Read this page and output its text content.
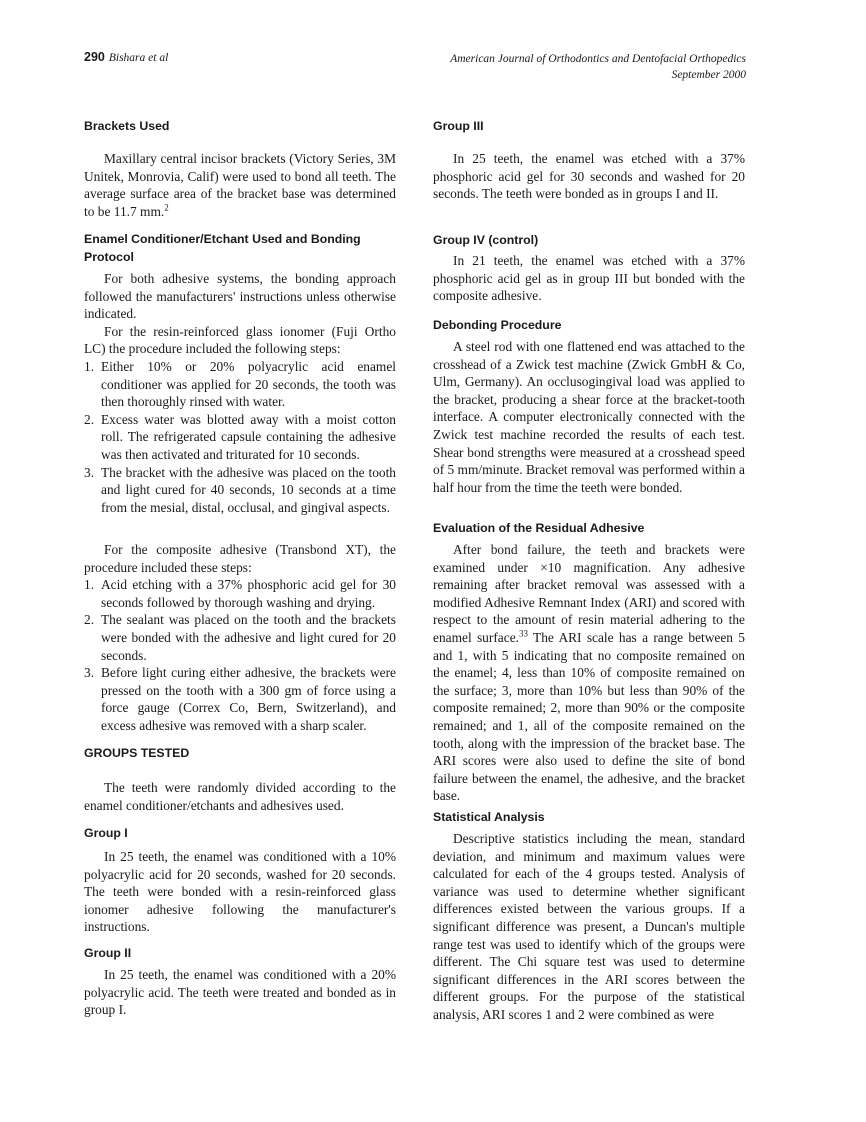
290 Bishara et al	American Journal of Orthodontics and Dentofacial Orthopedics
September 2000
Brackets Used

Maxillary central incisor brackets (Victory Series, 3M Unitek, Monrovia, Calif) were used to bond all teeth. The average surface area of the bracket base was determined to be 11.7 mm.$^2$

Enamel Conditioner/Etchant Used and Bonding Protocol

For both adhesive systems, the bonding approach followed the manufacturers' instructions unless otherwise indicated.

For the resin-reinforced glass ionomer (Fuji Ortho LC) the procedure included the following steps:

1. Either 10% or 20% polyacrylic acid enamel conditioner was applied for 20 seconds, the tooth was then thoroughly rinsed with water.
2. Excess water was blotted away with a moist cotton roll. The refrigerated capsule containing the adhesive was then activated and triturated for 10 seconds.
3. The bracket with the adhesive was placed on the tooth and light cured for 40 seconds, 10 seconds at a time from the mesial, distal, occlusal, and gingival aspects.

For the composite adhesive (Transbond XT), the procedure included these steps:

1. Acid etching with a 37% phosphoric acid gel for 30 seconds followed by thorough washing and drying.
2. The sealant was placed on the tooth and the brackets were bonded with the adhesive and light cured for 20 seconds.
3. Before light curing either adhesive, the brackets were pressed on the tooth with a 300 gm of force using a force gauge (Correx Co, Bern, Switzerland), and excess adhesive was removed with a sharp scaler.
GROUPS TESTED

The teeth were randomly divided according to the enamel conditioner/etchants and adhesives used.

Group I

In 25 teeth, the enamel was conditioned with a 10% polyacrylic acid for 20 seconds, washed for 20 seconds. The teeth were bonded with a resin-reinforced glass ionomer adhesive following the manufacturer's instructions.

Group II

In 25 teeth, the enamel was conditioned with a 20% polyacrylic acid. The teeth were treated and bonded as in group I.

Group III

In 25 teeth, the enamel was etched with a 37% phosphoric acid gel for 30 seconds and washed for 20 seconds. The teeth were bonded as in groups I and II.

Group IV (control)

In 21 teeth, the enamel was etched with a 37% phosphoric acid gel as in group III but bonded with the composite adhesive.

Debonding Procedure

A steel rod with one flattened end was attached to the crosshead of a Zwick test machine (Zwick GmbH & Co, Ulm, Germany). An occlusogingival load was applied to the bracket, producing a shear force at the bracket-tooth interface. A computer electronically connected with the Zwick test machine recorded the results of each test. Shear bond strengths were measured at a crosshead speed of 5 mm/minute. Bracket removal was performed within a half hour from the time the teeth were bonded.

Evaluation of the Residual Adhesive

After bond failure, the teeth and brackets were examined under ×10 magnification. Any adhesive remaining after bracket removal was assessed with a modified Adhesive Remnant Index (ARI) and scored with respect to the amount of resin material adhering to the enamel surface.$^{33}$ The ARI scale has a range between 5 and 1, with 5 indicating that no composite remained on the enamel; 4, less than 10% of composite remained on the surface; 3, more than 10% but less than 90% of the composite remained; 2, more than 90% or the composite remained; and 1, all of the composite remained on the tooth, along with the impression of the bracket base. The ARI scores were also used to define the site of bond failure between the enamel, the adhesive, and the bracket base.

Statistical Analysis

Descriptive statistics including the mean, standard deviation, and minimum and maximum values were calculated for each of the 4 groups tested. Analysis of variance was used to determine whether significant differences existed between the various groups. If a significant difference was present, a Duncan's multiple range test was used to identify which of the groups were different. The Chi square test was used to determine significant differences in the ARI scores between the different groups. For the purpose of the statistical analysis, ARI scores 1 and 2 were combined as were
